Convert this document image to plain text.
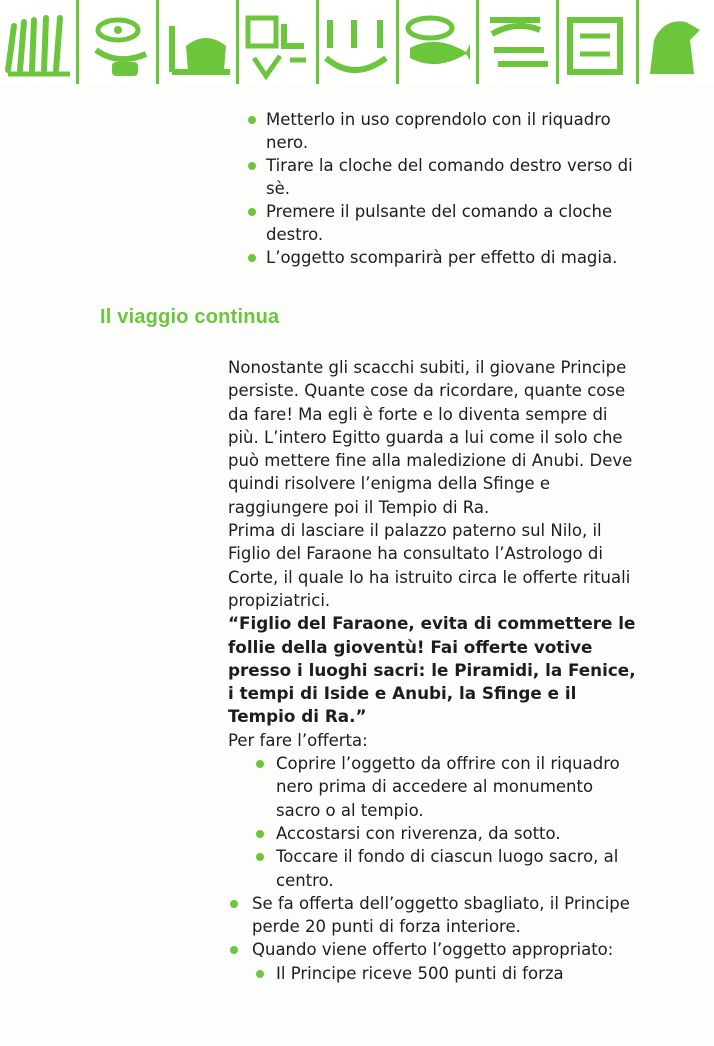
Metterlo in uso coprendolo con il riquadro nero.
Tirare la cloche del comando destro verso di sè.
Premere il pulsante del comando a cloche destro.
L’oggetto scomparirà per effetto di magia.
Il viaggio continua

Nonostante gli scacchi subiti, il giovane Principe persiste. Quante cose da ricordare, quante cose da fare! Ma egli è forte e lo diventa sempre di più. L’intero Egitto guarda a lui come il solo che può mettere fine alla maledizione di Anubi. Deve quindi risolvere l’enigma della Sfinge e raggiungere poi il Tempio di Ra.

Prima di lasciare il palazzo paterno sul Nilo, il Figlio del Faraone ha consultato l’Astrologo di Corte, il quale lo ha istruito circa le offerte rituali propiziatrici.

“Figlio del Faraone, evita di commettere le follie della gioventù! Fai offerte votive presso i luoghi sacri: le Piramidi, la Fenice, i tempi di Iside e Anubi, la Sfinge e il Tempio di Ra.”

Per fare l’offerta:

Coprire l’oggetto da offrire con il riquadro nero prima di accedere al monumento sacro o al tempio.
Accostarsi con riverenza, da sotto.
Toccare il fondo di ciascun luogo sacro, al centro.
Se fa offerta dell’oggetto sbagliato, il Principe perde 20 punti di forza interiore.
Quando viene offerto l’oggetto appropriato:
Il Principe riceve 500 punti di forza
